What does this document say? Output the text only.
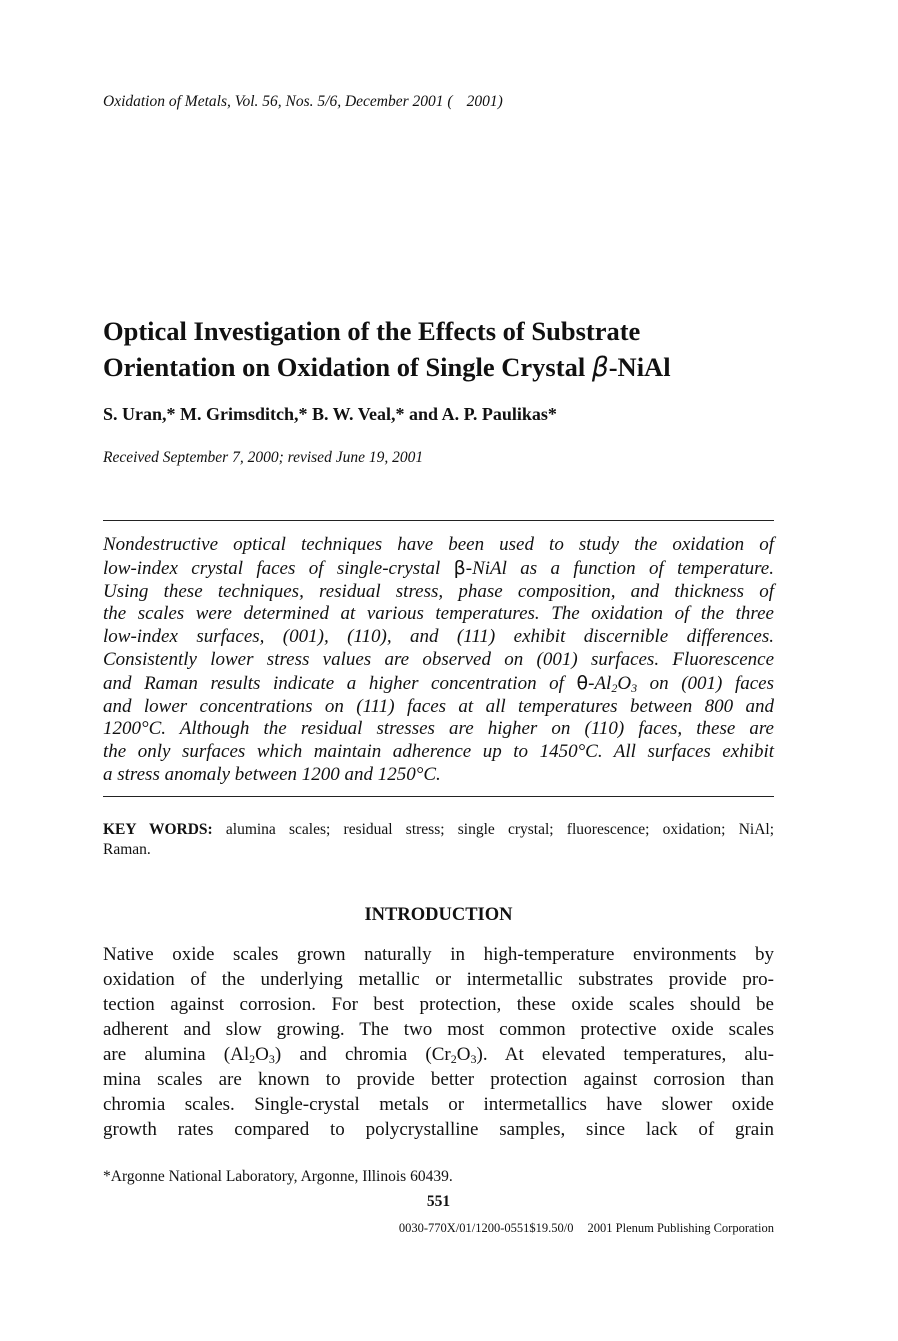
Oxidation of Metals, Vol. 56, Nos. 5/6, December 2001 ( 2001)
Optical Investigation of the Effects of Substrate
Orientation on Oxidation of Single Crystal β-NiAl
S. Uran,* M. Grimsditch,* B. W. Veal,* and A. P. Paulikas*
Received September 7, 2000; revised June 19, 2001
Nondestructive optical techniques have been used to study the oxidation of
low-index crystal faces of single-crystal β-NiAl as a function of temperature.
Using these techniques, residual stress, phase composition, and thickness of
the scales were determined at various temperatures. The oxidation of the three
low-index surfaces, (001), (110), and (111) exhibit discernible differences.
Consistently lower stress values are observed on (001) surfaces. Fluorescence
and Raman results indicate a higher concentration of $\theta-Al_2O_3$ on (001) faces
and lower concentrations on (111) faces at all temperatures between 800 and
1200°C. Although the residual stresses are higher on (110) faces, these are
the only surfaces which maintain adherence up to 1450°C. All surfaces exhibit
a stress anomaly between 1200 and 1250°C.
KEY WORDS: alumina scales; residual stress; single crystal; fluorescence; oxidation; NiAl;
Raman.
INTRODUCTION
Native oxide scales grown naturally in high-temperature environments by
oxidation of the underlying metallic or intermetallic substrates provide pro-
tection against corrosion. For best protection, these oxide scales should be
adherent and slow growing. The two most common protective oxide scales
are alumina $(Al_2O_3)$ and chromia $(Cr_2O_3)$. At elevated temperatures, alu-
mina scales are known to provide better protection against corrosion than
chromia scales. Single-crystal metals or intermetallics have slower oxide
growth rates compared to polycrystalline samples, since lack of grain
*Argonne National Laboratory, Argonne, Illinois 60439.
551
0030-770X/01/1200-0551$19.50/0 2001 Plenum Publishing Corporation
